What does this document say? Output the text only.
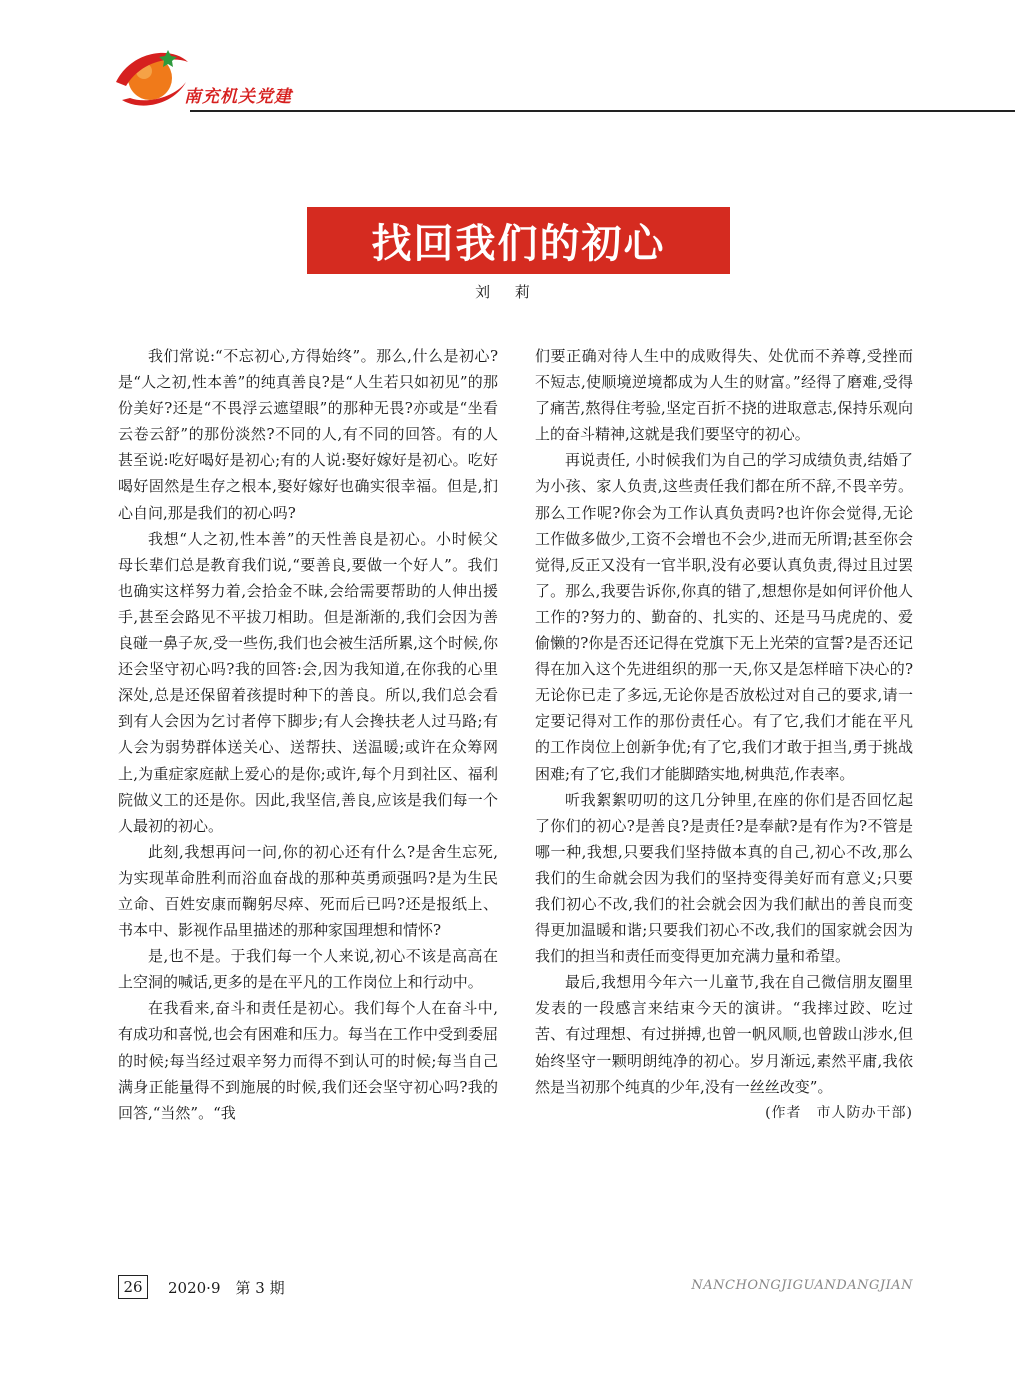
南充机关党建
找回我们的初心
刘 莉

我们常说:“不忘初心,方得始终”。那么,什么是初心?是“人之初,性本善”的纯真善良?是“人生若只如初见”的那份美好?还是“不畏浮云遮望眼”的那种无畏?亦或是“坐看云卷云舒”的那份淡然?不同的人,有不同的回答。有的人甚至说:吃好喝好是初心;有的人说:娶好嫁好是初心。吃好喝好固然是生存之根本,娶好嫁好也确实很幸福。但是,扪心自问,那是我们的初心吗?

我想“人之初,性本善”的天性善良是初心。小时候父母长辈们总是教育我们说,“要善良,要做一个好人”。我们也确实这样努力着,会拾金不昧,会给需要帮助的人伸出援手,甚至会路见不平拔刀相助。但是渐渐的,我们会因为善良碰一鼻子灰,受一些伤,我们也会被生活所累,这个时候,你还会坚守初心吗?我的回答:会,因为我知道,在你我的心里深处,总是还保留着孩提时种下的善良。所以,我们总会看到有人会因为乞讨者停下脚步;有人会搀扶老人过马路;有人会为弱势群体送关心、送帮扶、送温暖;或许在众筹网上,为重症家庭献上爱心的是你;或许,每个月到社区、福利院做义工的还是你。因此,我坚信,善良,应该是我们每一个人最初的初心。

此刻,我想再问一问,你的初心还有什么?是舍生忘死,为实现革命胜利而浴血奋战的那种英勇顽强吗?是为生民立命、百姓安康而鞠躬尽瘁、死而后已吗?还是报纸上、书本中、影视作品里描述的那种家国理想和情怀?

是,也不是。于我们每一个人来说,初心不该是高高在上空洞的喊话,更多的是在平凡的工作岗位上和行动中。

在我看来,奋斗和责任是初心。我们每个人在奋斗中,有成功和喜悦,也会有困难和压力。每当在工作中受到委屈的时候;每当经过艰辛努力而得不到认可的时候;每当自己满身正能量得不到施展的时候,我们还会坚守初心吗?我的回答,“当然”。“我

们要正确对待人生中的成败得失、处优而不养尊,受挫而不短志,使顺境逆境都成为人生的财富。”经得了磨难,受得了痛苦,熬得住考验,坚定百折不挠的进取意志,保持乐观向上的奋斗精神,这就是我们要坚守的初心。

再说责任, 小时候我们为自己的学习成绩负责,结婚了为小孩、家人负责,这些责任我们都在所不辞,不畏辛劳。那么工作呢?你会为工作认真负责吗?也许你会觉得,无论工作做多做少,工资不会增也不会少,进而无所谓;甚至你会觉得,反正又没有一官半职,没有必要认真负责,得过且过罢了。那么,我要告诉你,你真的错了,想想你是如何评价他人工作的?努力的、勤奋的、扎实的、还是马马虎虎的、爱偷懒的?你是否还记得在党旗下无上光荣的宣誓?是否还记得在加入这个先进组织的那一天,你又是怎样暗下决心的?无论你已走了多远,无论你是否放松过对自己的要求,请一定要记得对工作的那份责任心。有了它,我们才能在平凡的工作岗位上创新争优;有了它,我们才敢于担当,勇于挑战困难;有了它,我们才能脚踏实地,树典范,作表率。

听我絮絮叨叨的这几分钟里,在座的你们是否回忆起了你们的初心?是善良?是责任?是奉献?是有作为?不管是哪一种,我想,只要我们坚持做本真的自己,初心不改,那么我们的生命就会因为我们的坚持变得美好而有意义;只要我们初心不改,我们的社会就会因为我们献出的善良而变得更加温暖和谐;只要我们初心不改,我们的国家就会因为我们的担当和责任而变得更加充满力量和希望。

最后,我想用今年六一儿童节,我在自己微信朋友圈里发表的一段感言来结束今天的演讲。“我摔过跤、吃过苦、有过理想、有过拼搏,也曾一帆风顺,也曾跋山涉水,但始终坚守一颗明朗纯净的初心。岁月渐远,素然平庸,我依然是当初那个纯真的少年,没有一丝丝改变”。

(作者　市人防办干部)

26	2020·9　第 3 期	NANCHONGJIGUANDANGJIAN
